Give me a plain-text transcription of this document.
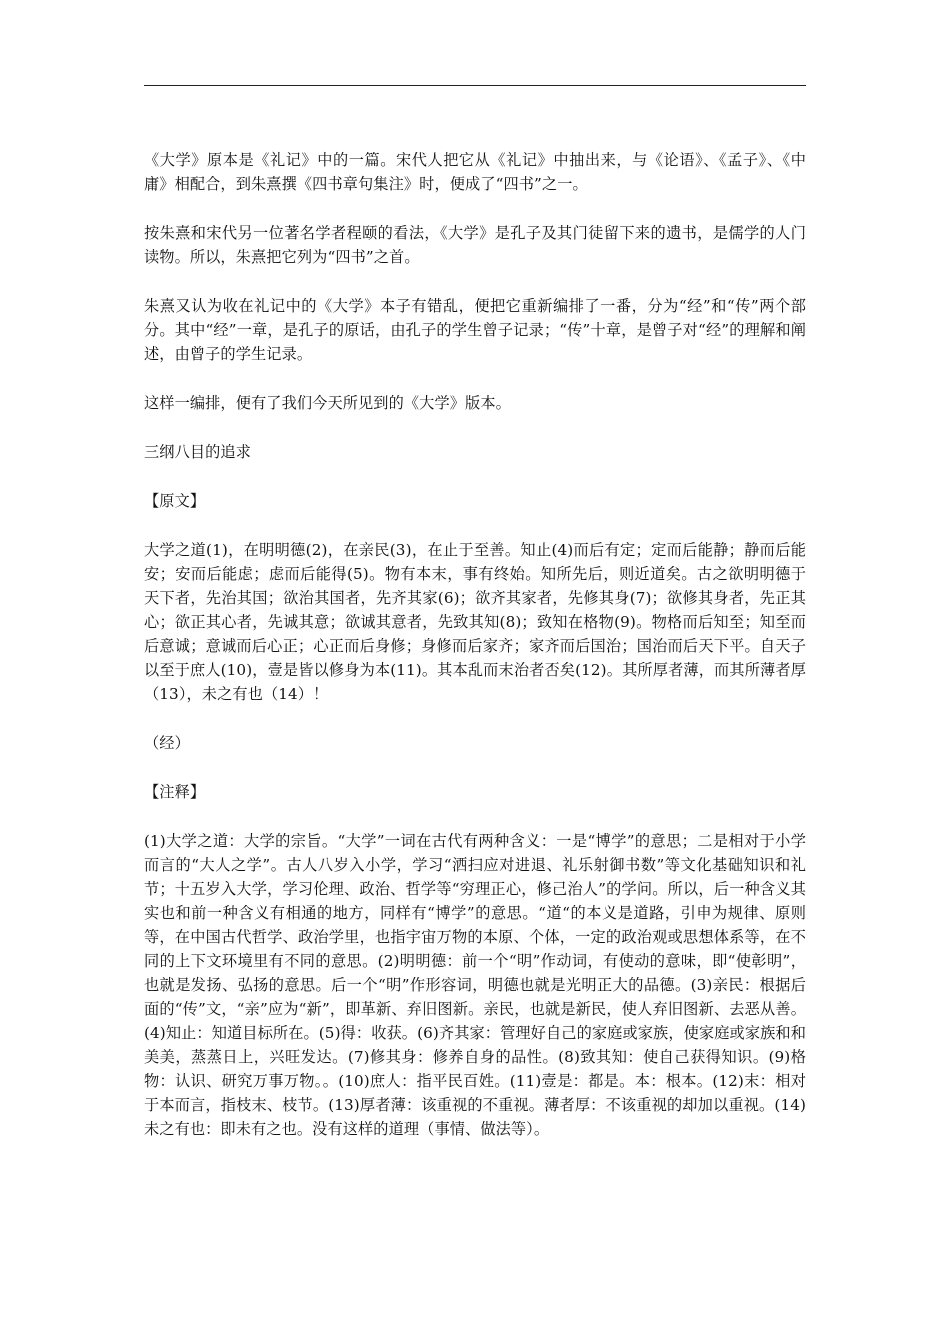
《大学》原本是《礼记》中的一篇。宋代人把它从《礼记》中抽出来，与《论语》、《孟子》、《中庸》相配合，到朱熹撰《四书章句集注》时，便成了“四书”之一。

按朱熹和宋代另一位著名学者程颐的看法，《大学》是孔子及其门徒留下来的遗书，是儒学的人门读物。所以，朱熹把它列为“四书”之首。

朱熹又认为收在礼记中的《大学》本子有错乱，便把它重新编排了一番，分为“经”和“传”两个部分。其中“经”一章，是孔子的原话，由孔子的学生曾子记录；“传”十章，是曾子对“经”的理解和阐述，由曾子的学生记录。

这样一编排，便有了我们今天所见到的《大学》版本。

三纲八目的追求

【原文】

大学之道(1)，在明明德(2)，在亲民(3)，在止于至善。知止(4)而后有定；定而后能静；静而后能安；安而后能虑；虑而后能得(5)。物有本末，事有终始。知所先后，则近道矣。古之欲明明德于天下者，先治其国；欲治其国者，先齐其家(6)；欲齐其家者，先修其身(7)；欲修其身者，先正其心；欲正其心者，先诚其意；欲诚其意者，先致其知(8)；致知在格物(9)。物格而后知至；知至而后意诚；意诚而后心正；心正而后身修；身修而后家齐；家齐而后国治；国治而后天下平。自天子以至于庶人(10)，壹是皆以修身为本(11)。其本乱而末治者否矣(12)。其所厚者薄，而其所薄者厚（13），未之有也（14）！

（经）

【注释】

(1)大学之道：大学的宗旨。“大学”一词在古代有两种含义：一是“博学”的意思；二是相对于小学而言的“大人之学”。古人八岁入小学，学习“洒扫应对进退、礼乐射御书数”等文化基础知识和礼节；十五岁入大学，学习伦理、政治、哲学等“穷理正心，修己治人”的学问。所以，后一种含义其实也和前一种含义有相通的地方，同样有“博学”的意思。“道“的本义是道路，引申为规律、原则等，在中国古代哲学、政治学里，也指宇宙万物的本原、个体，一定的政治观或思想体系等，在不同的上下文环境里有不同的意思。(2)明明德：前一个“明”作动词，有使动的意味，即“使彰明”，也就是发扬、弘扬的意思。后一个“明”作形容词，明德也就是光明正大的品德。(3)亲民：根据后面的“传”文，“亲”应为“新”，即革新、弃旧图新。亲民，也就是新民，使人弃旧图新、去恶从善。(4)知止：知道目标所在。(5)得：收获。(6)齐其家：管理好自己的家庭或家族，使家庭或家族和和美美，蒸蒸日上，兴旺发达。(7)修其身：修养自身的品性。(8)致其知：使自己获得知识。(9)格物：认识、研究万事万物。。(10)庶人：指平民百姓。(11)壹是：都是。本：根本。(12)末：相对于本而言，指枝末、枝节。(13)厚者薄：该重视的不重视。薄者厚：不该重视的却加以重视。(14)未之有也：即未有之也。没有这样的道理（事情、做法等）。
